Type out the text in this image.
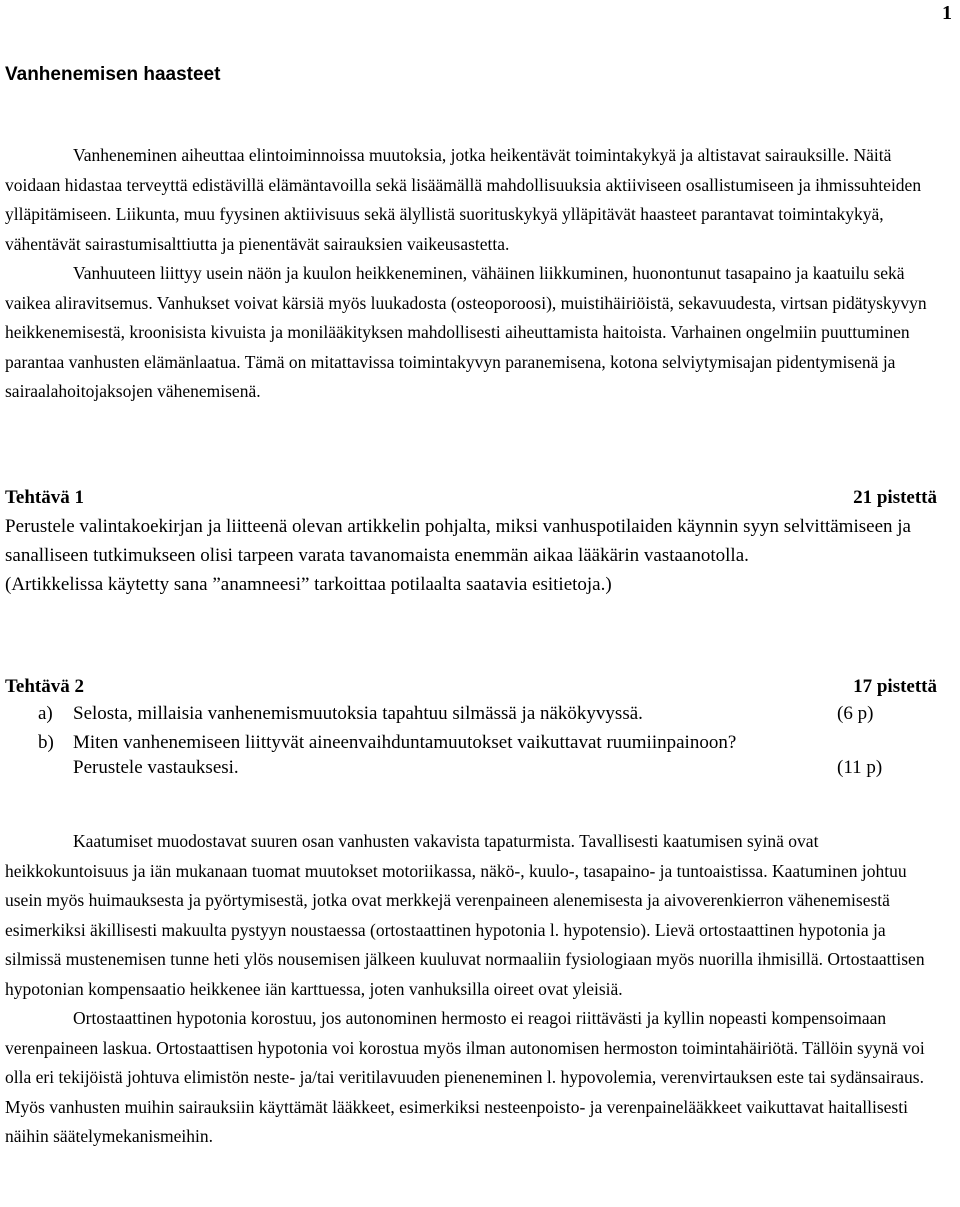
1
Vanhenemisen haasteet

Vanheneminen aiheuttaa elintoiminnoissa muutoksia, jotka heikentävät toimintakykyä ja altistavat sairauksille. Näitä voidaan hidastaa terveyttä edistävillä elämäntavoilla sekä lisäämällä mahdollisuuksia aktiiviseen osallistumiseen ja ihmissuhteiden ylläpitämiseen. Liikunta, muu fyysinen aktiivisuus sekä älyllistä suorituskykyä ylläpitävät haasteet parantavat toimintakykyä, vähentävät sairastumisalttiutta ja pienentävät sairauksien vaikeusastetta.

Vanhuuteen liittyy usein näön ja kuulon heikkeneminen, vähäinen liikkuminen, huonontunut tasapaino ja kaatuilu sekä vaikea aliravitsemus. Vanhukset voivat kärsiä myös luukadosta (osteoporoosi), muistihäiriöistä, sekavuudesta, virtsan pidätyskyvyn heikkenemisestä, kroonisista kivuista ja monilääkityksen mahdollisesti aiheuttamista haitoista. Varhainen ongelmiin puuttuminen parantaa vanhusten elämänlaatua. Tämä on mitattavissa toimintakyvyn paranemisena, kotona selviytymisajan pidentymisenä ja sairaalahoitojaksojen vähenemisenä.

Tehtävä 1	21 pistettä

Perustele valintakoekirjan ja liitteenä olevan artikkelin pohjalta, miksi vanhuspotilaiden käynnin syyn selvittämiseen ja sanalliseen tutkimukseen olisi tarpeen varata tavanomaista enemmän aikaa lääkärin vastaanotolla.

(Artikkelissa käytetty sana ”anamneesi” tarkoittaa potilaalta saatavia esitietoja.)

Tehtävä 2	17 pistettä
a) Selosta, millaisia vanhenemismuutoksia tapahtuu silmässä ja näkökyvyssä.	(6 p)
b) Miten vanhenemiseen liittyvät aineenvaihduntamuutokset vaikuttavat ruumiinpainoon?
Perustele vastauksesi.	(11 p)

Kaatumiset muodostavat suuren osan vanhusten vakavista tapaturmista. Tavallisesti kaatumisen syinä ovat heikkokuntoisuus ja iän mukanaan tuomat muutokset motoriikassa, näkö-, kuulo-, tasapaino- ja tuntoaistissa. Kaatuminen johtuu usein myös huimauksesta ja pyörtymisestä, jotka ovat merkkejä verenpaineen alenemisesta ja aivoverenkierron vähenemisestä esimerkiksi äkillisesti makuulta pystyyn noustaessa (ortostaattinen hypotonia l. hypotensio). Lievä ortostaattinen hypotonia ja silmissä mustenemisen tunne heti ylös nousemisen jälkeen kuuluvat normaaliin fysiologiaan myös nuorilla ihmisillä. Ortostaattisen hypotonian kompensaatio heikkenee iän karttuessa, joten vanhuksilla oireet ovat yleisiä.

Ortostaattinen hypotonia korostuu, jos autonominen hermosto ei reagoi riittävästi ja kyllin nopeasti kompensoimaan verenpaineen laskua. Ortostaattisen hypotonia voi korostua myös ilman autonomisen hermoston toimintahäiriötä. Tällöin syynä voi olla eri tekijöistä johtuva elimistön neste- ja/tai veritilavuuden pieneneminen l. hypovolemia, verenvirtauksen este tai sydänsairaus. Myös vanhusten muihin sairauksiin käyttämät lääkkeet, esimerkiksi nesteenpoisto- ja verenpainelääkkeet vaikuttavat haitallisesti näihin säätelymekanismeihin.
